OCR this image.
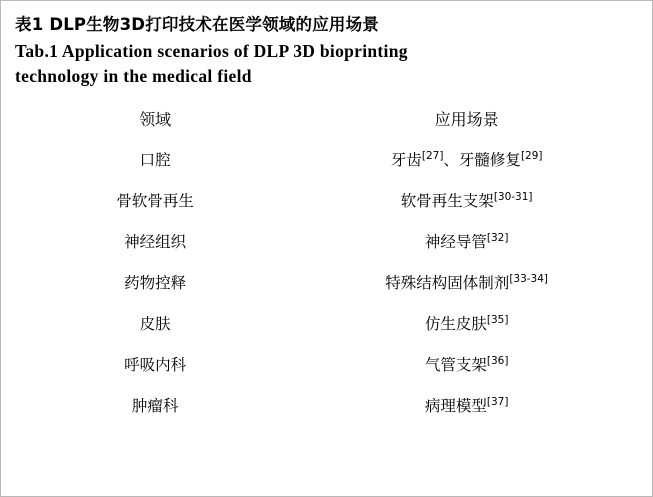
表1 DLP生物3D打印技术在医学领域的应用场景
Tab.1 Application scenarios of DLP 3D bioprinting
technology in the medical field

领域	应用场景

口腔	牙齿[27]、牙髓修复[29]
骨软骨再生	软骨再生支架[30-31]
神经组织	神经导管[32]
药物控释	特殊结构固体制剂[33-34]
皮肤	仿生皮肤[35]
呼吸内科	气管支架[36]
肿瘤科	病理模型[37]
